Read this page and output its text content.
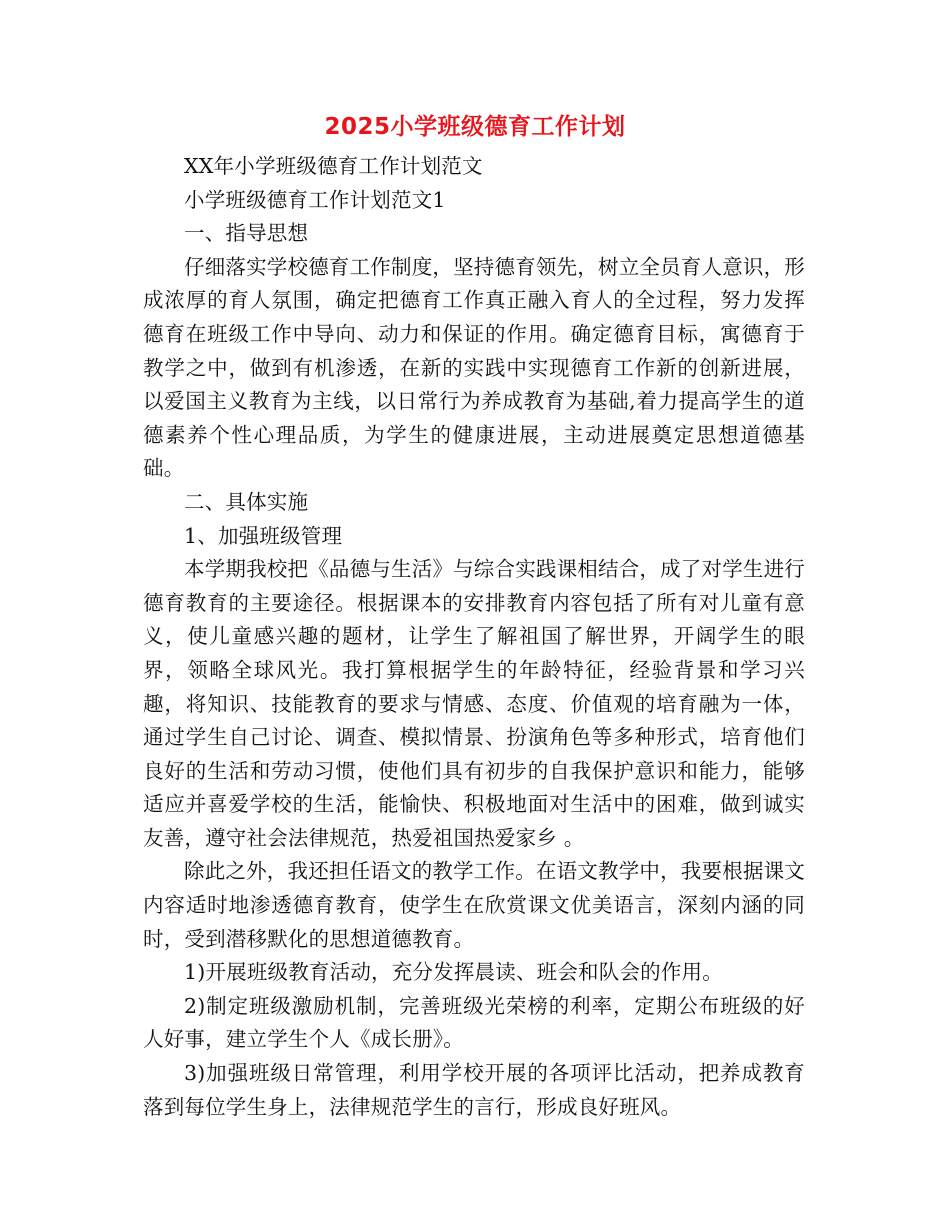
2025小学班级德育工作计划

XX年小学班级德育工作计划范文

小学班级德育工作计划范文1

一、指导思想

仔细落实学校德育工作制度，坚持德育领先，树立全员育人意识，形成浓厚的育人氛围，确定把德育工作真正融入育人的全过程，努力发挥德育在班级工作中导向、动力和保证的作用。确定德育目标，寓德育于教学之中，做到有机渗透，在新的实践中实现德育工作新的创新进展，以爱国主义教育为主线，以日常行为养成教育为基础,着力提高学生的道德素养个性心理品质，为学生的健康进展，主动进展奠定思想道德基础。

二、具体实施

1、加强班级管理

本学期我校把《品德与生活》与综合实践课相结合，成了对学生进行德育教育的主要途径。根据课本的安排教育内容包括了所有对儿童有意义，使儿童感兴趣的题材，让学生了解祖国了解世界，开阔学生的眼界，领略全球风光。我打算根据学生的年龄特征，经验背景和学习兴趣，将知识、技能教育的要求与情感、态度、价值观的培育融为一体，通过学生自己讨论、调查、模拟情景、扮演角色等多种形式，培育他们良好的生活和劳动习惯，使他们具有初步的自我保护意识和能力，能够适应并喜爱学校的生活，能愉快、积极地面对生活中的困难，做到诚实友善，遵守社会法律规范，热爱祖国热爱家乡 。

除此之外，我还担任语文的教学工作。在语文教学中，我要根据课文内容适时地渗透德育教育，使学生在欣赏课文优美语言，深刻内涵的同时，受到潜移默化的思想道德教育。

1)开展班级教育活动，充分发挥晨读、班会和队会的作用。

2)制定班级激励机制，完善班级光荣榜的利率，定期公布班级的好人好事，建立学生个人《成长册》。

3)加强班级日常管理，利用学校开展的各项评比活动，把养成教育落到每位学生身上，法律规范学生的言行，形成良好班风。
